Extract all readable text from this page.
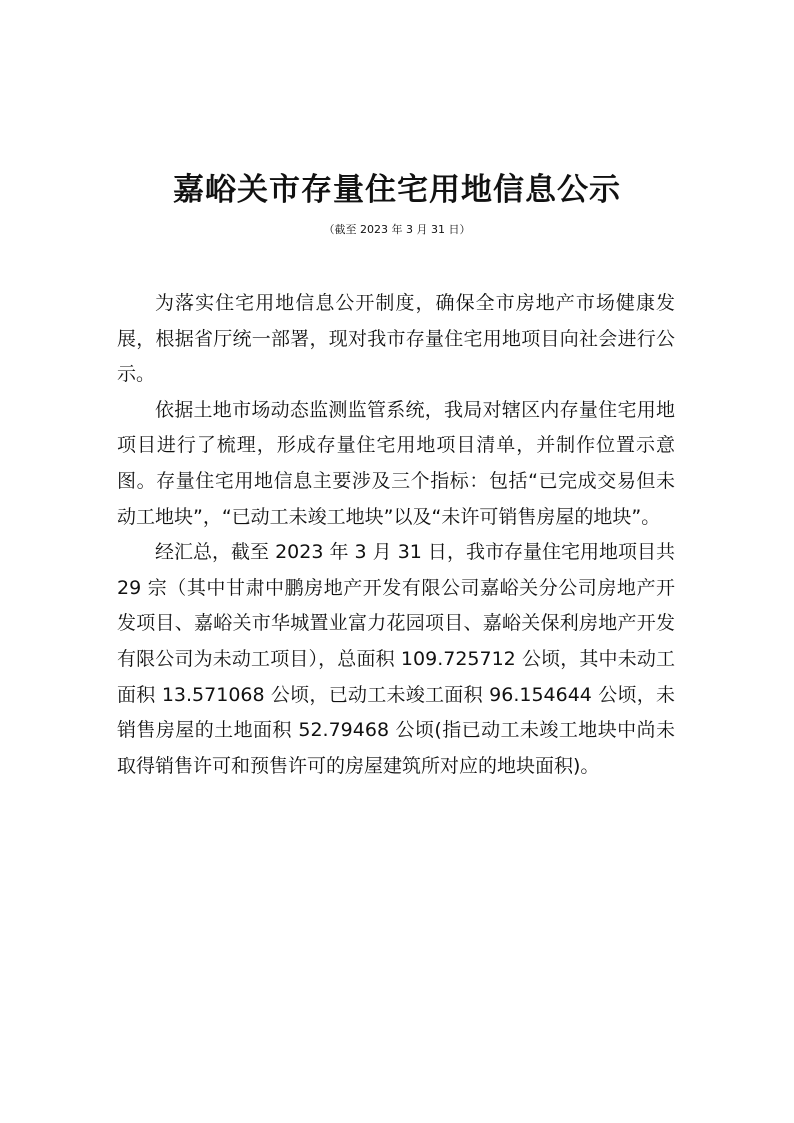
嘉峪关市存量住宅用地信息公示

（截至 2023 年 3 月 31 日）

为落实住宅用地信息公开制度，确保全市房地产市场健康发展，根据省厅统一部署，现对我市存量住宅用地项目向社会进行公示。

依据土地市场动态监测监管系统，我局对辖区内存量住宅用地项目进行了梳理，形成存量住宅用地项目清单，并制作位置示意图。存量住宅用地信息主要涉及三个指标：包括“已完成交易但未动工地块”，“已动工未竣工地块”以及“未许可销售房屋的地块”。

经汇总，截至 2023 年 3 月 31 日，我市存量住宅用地项目共 29 宗（其中甘肃中鹏房地产开发有限公司嘉峪关分公司房地产开发项目、嘉峪关市华城置业富力花园项目、嘉峪关保利房地产开发有限公司为未动工项目），总面积 109.725712 公顷，其中未动工面积 13.571068 公顷，已动工未竣工面积 96.154644 公顷，未销售房屋的土地面积 52.79468 公顷(指已动工未竣工地块中尚未取得销售许可和预售许可的房屋建筑所对应的地块面积)。
